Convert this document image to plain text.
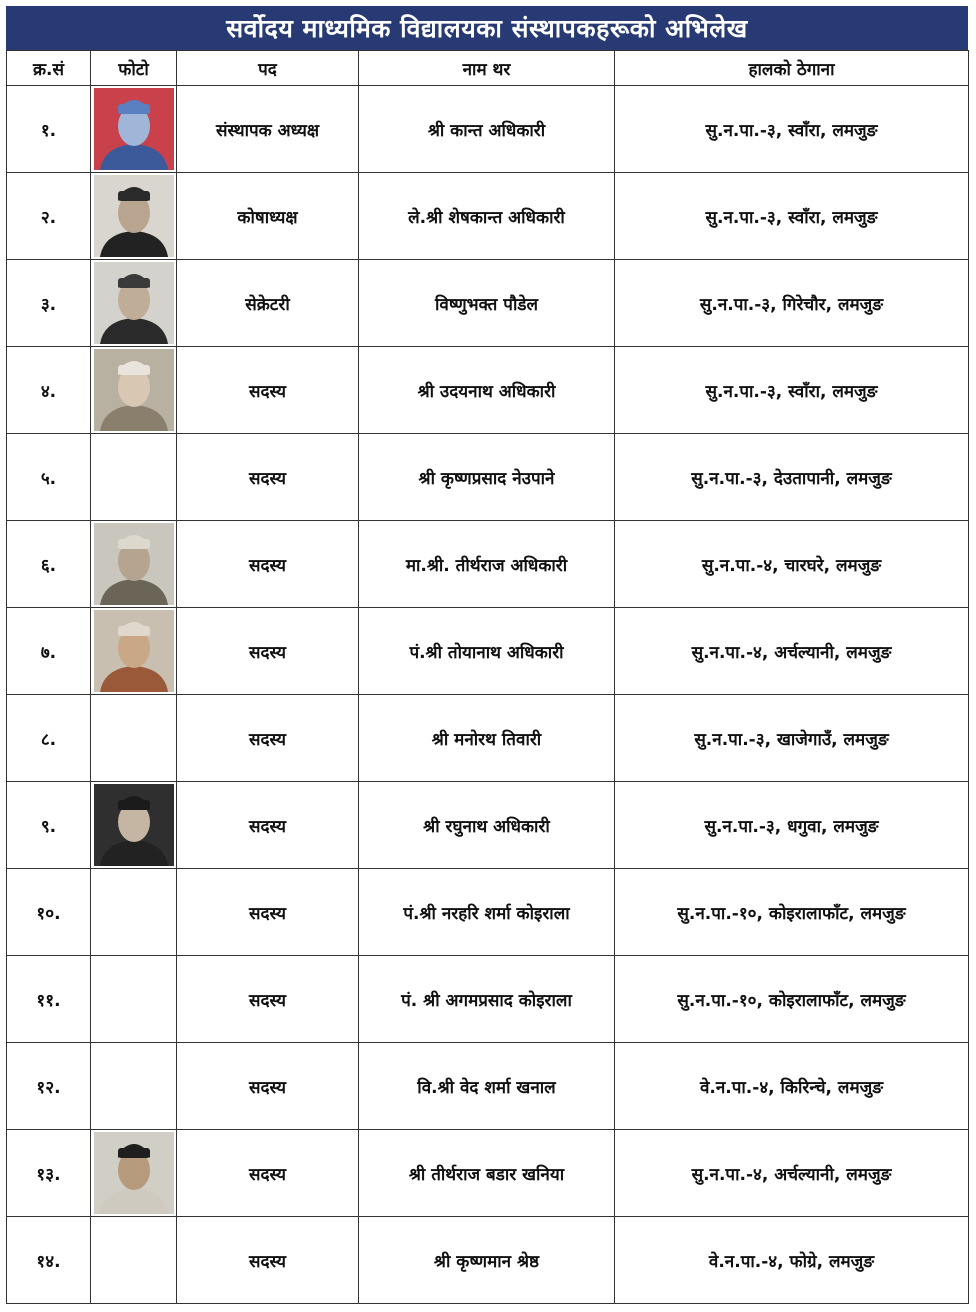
सर्वोदय माध्यमिक विद्यालयका संस्थापकहरूको अभिलेख
क्र.सं	फोटो	पद	नाम थर	हालको ठेगाना
१.		संस्थापक अध्यक्ष	श्री कान्त अधिकारी	सु.न.पा.-३, स्वाँरा, लमजुङ
२.		कोषाध्यक्ष	ले.श्री शेषकान्त अधिकारी	सु.न.पा.-३, स्वाँरा, लमजुङ
३.		सेक्रेटरी	विष्णुभक्त पौडेल	सु.न.पा.-३, गिरेचौर, लमजुङ
४.		सदस्य	श्री उदयनाथ अधिकारी	सु.न.पा.-३, स्वाँरा, लमजुङ
५.		सदस्य	श्री कृष्णप्रसाद नेउपाने	सु.न.पा.-३, देउतापानी, लमजुङ
६.		सदस्य	मा.श्री. तीर्थराज अधिकारी	सु.न.पा.-४, चारघरे, लमजुङ
७.		सदस्य	पं.श्री तोयानाथ अधिकारी	सु.न.पा.-४, अर्चल्यानी, लमजुङ
८.		सदस्य	श्री मनोरथ तिवारी	सु.न.पा.-३, खाजेगाउँ, लमजुङ
९.		सदस्य	श्री रघुनाथ अधिकारी	सु.न.पा.-३, धगुवा, लमजुङ
१०.		सदस्य	पं.श्री नरहरि शर्मा कोइराला	सु.न.पा.-१०, कोइरालाफाँट, लमजुङ
११.		सदस्य	पं. श्री अगमप्रसाद कोइराला	सु.न.पा.-१०, कोइरालाफाँट, लमजुङ
१२.		सदस्य	वि.श्री वेद शर्मा खनाल	वे.न.पा.-४, किरिन्चे, लमजुङ
१३.		सदस्य	श्री तीर्थराज बडार खनिया	सु.न.पा.-४, अर्चल्यानी, लमजुङ
१४.		सदस्य	श्री कृष्णमान श्रेष्ठ	वे.न.पा.-४, फोग्रे, लमजुङ
